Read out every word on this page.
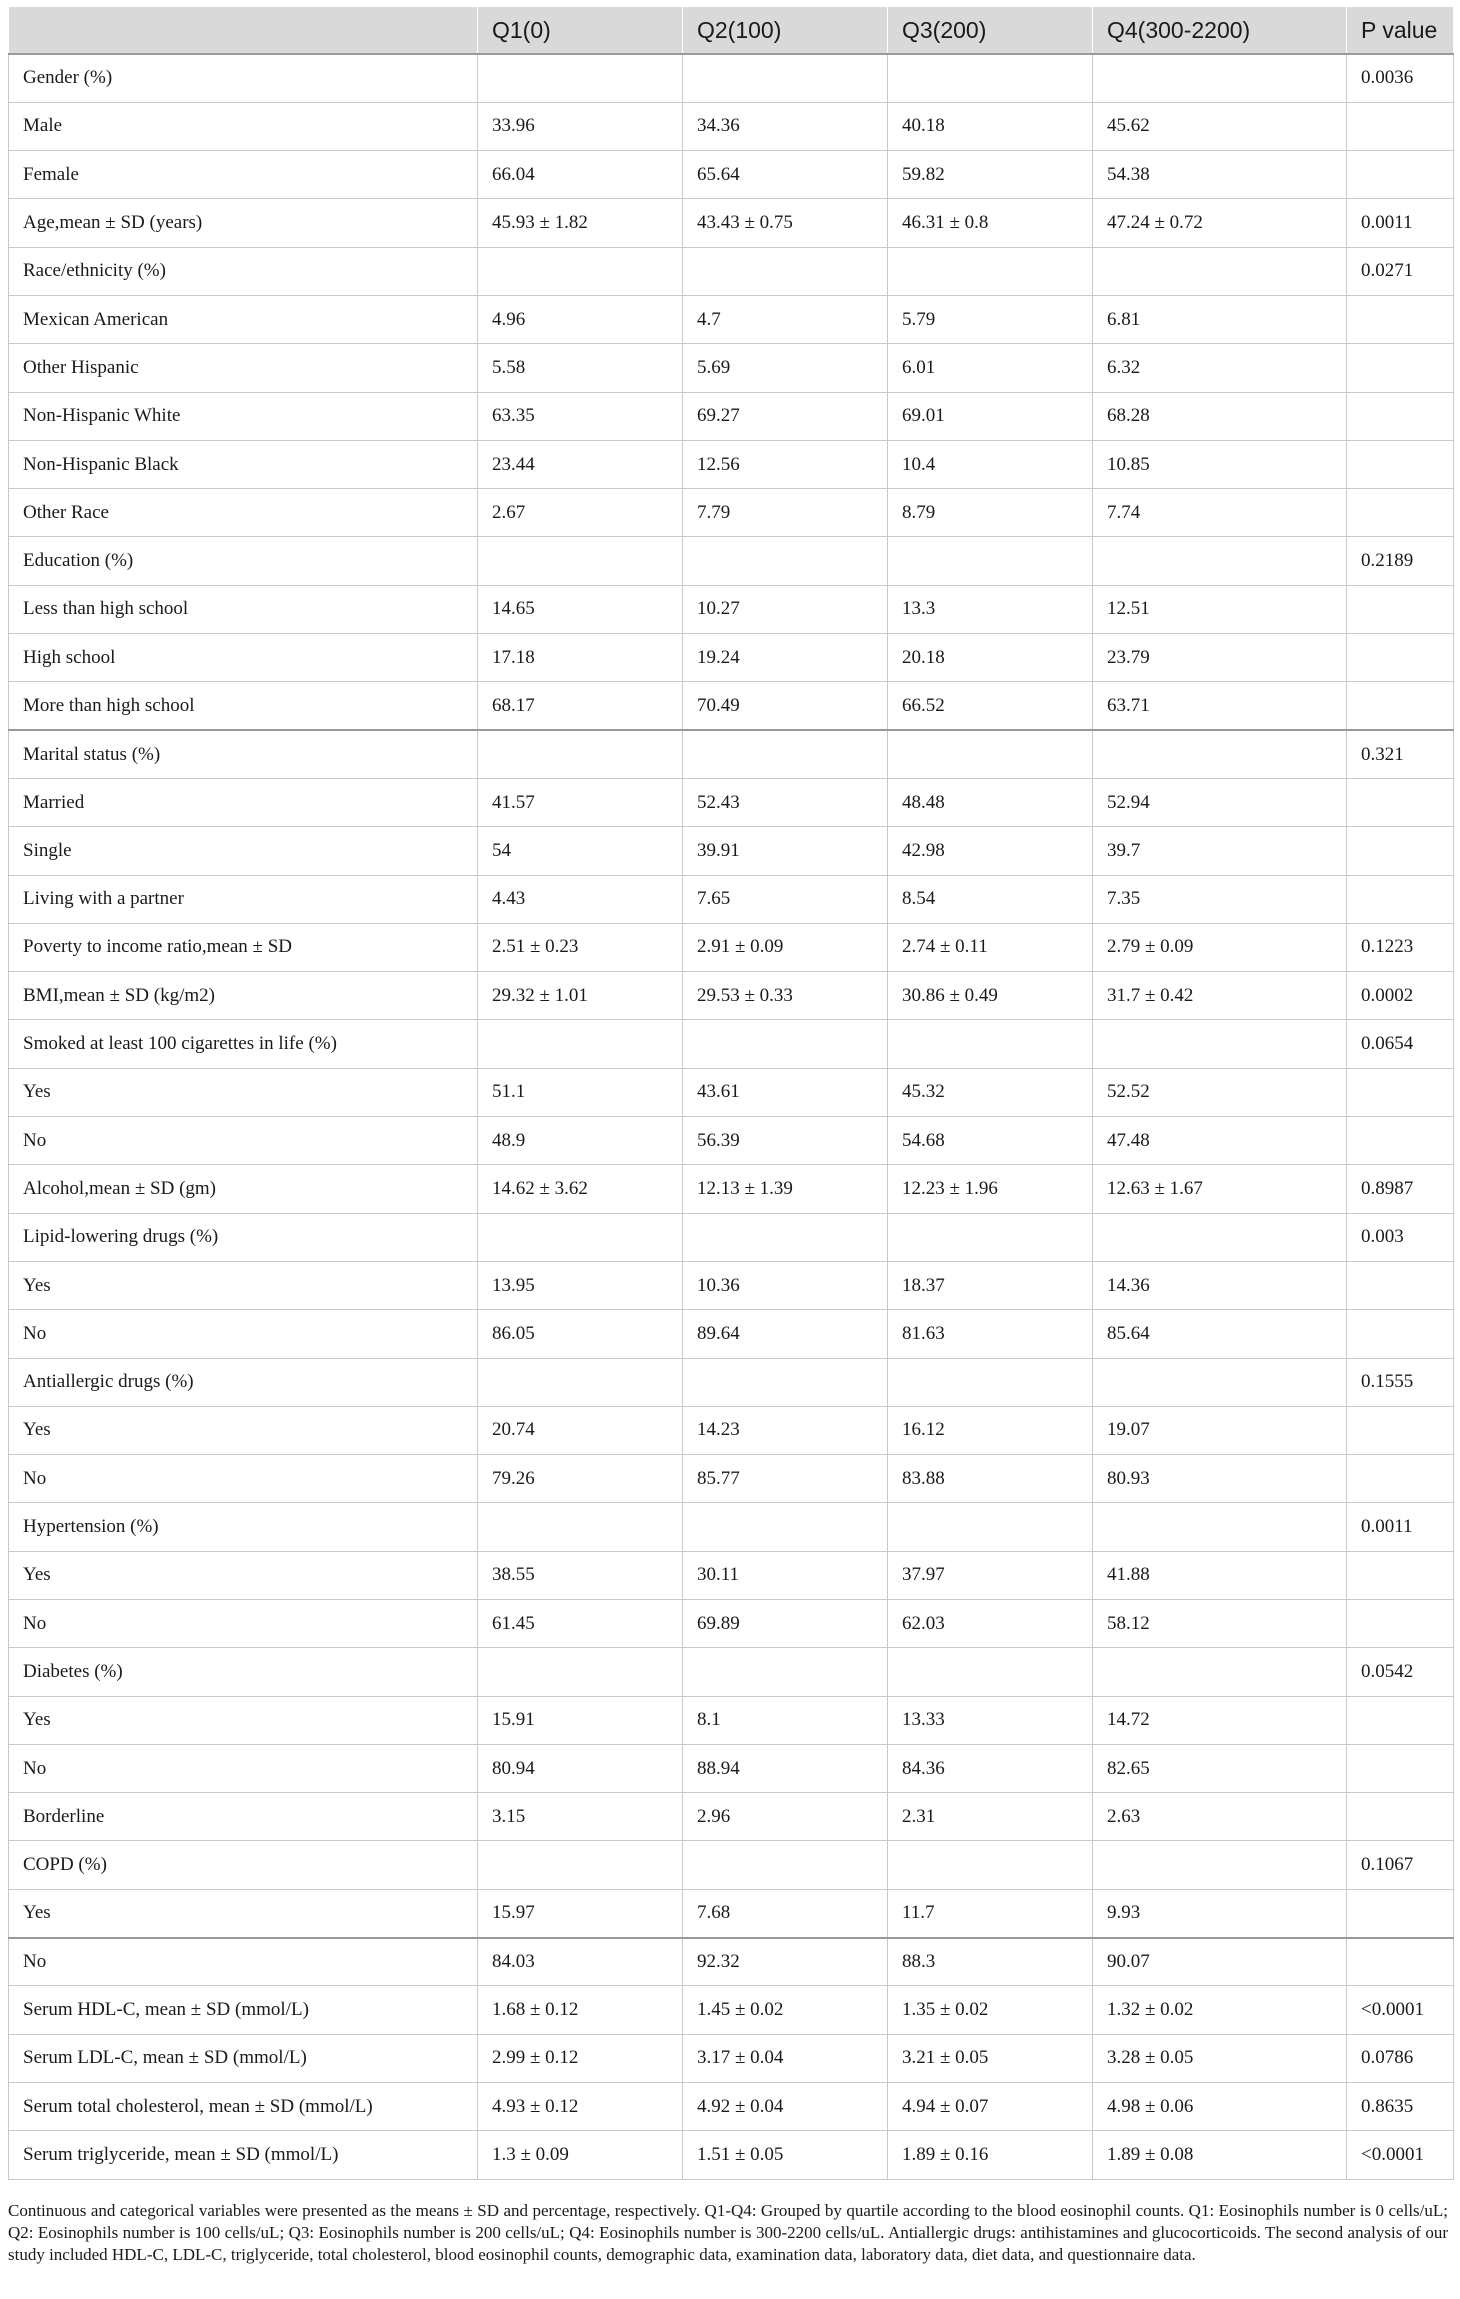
	Q1(0)	Q2(100)	Q3(200)	Q4(300-2200)	P value
Gender (%)					0.0036
Male	33.96	34.36	40.18	45.62	
Female	66.04	65.64	59.82	54.38	
Age,mean ± SD (years)	45.93 ± 1.82	43.43 ± 0.75	46.31 ± 0.8	47.24 ± 0.72	0.0011
Race/ethnicity (%)					0.0271
Mexican American	4.96	4.7	5.79	6.81	
Other Hispanic	5.58	5.69	6.01	6.32	
Non-Hispanic White	63.35	69.27	69.01	68.28	
Non-Hispanic Black	23.44	12.56	10.4	10.85	
Other Race	2.67	7.79	8.79	7.74	
Education (%)					0.2189
Less than high school	14.65	10.27	13.3	12.51	
High school	17.18	19.24	20.18	23.79	
More than high school	68.17	70.49	66.52	63.71	
Marital status (%)					0.321
Married	41.57	52.43	48.48	52.94	
Single	54	39.91	42.98	39.7	
Living with a partner	4.43	7.65	8.54	7.35	
Poverty to income ratio,mean ± SD	2.51 ± 0.23	2.91 ± 0.09	2.74 ± 0.11	2.79 ± 0.09	0.1223
BMI,mean ± SD (kg/m2)	29.32 ± 1.01	29.53 ± 0.33	30.86 ± 0.49	31.7 ± 0.42	0.0002
Smoked at least 100 cigarettes in life (%)					0.0654
Yes	51.1	43.61	45.32	52.52	
No	48.9	56.39	54.68	47.48	
Alcohol,mean ± SD (gm)	14.62 ± 3.62	12.13 ± 1.39	12.23 ± 1.96	12.63 ± 1.67	0.8987
Lipid-lowering drugs (%)					0.003
Yes	13.95	10.36	18.37	14.36	
No	86.05	89.64	81.63	85.64	
Antiallergic drugs (%)					0.1555
Yes	20.74	14.23	16.12	19.07	
No	79.26	85.77	83.88	80.93	
Hypertension (%)					0.0011
Yes	38.55	30.11	37.97	41.88	
No	61.45	69.89	62.03	58.12	
Diabetes (%)					0.0542
Yes	15.91	8.1	13.33	14.72	
No	80.94	88.94	84.36	82.65	
Borderline	3.15	2.96	2.31	2.63	
COPD (%)					0.1067
Yes	15.97	7.68	11.7	9.93	
No	84.03	92.32	88.3	90.07	
Serum HDL-C, mean ± SD (mmol/L)	1.68 ± 0.12	1.45 ± 0.02	1.35 ± 0.02	1.32 ± 0.02	<0.0001
Serum LDL-C, mean ± SD (mmol/L)	2.99 ± 0.12	3.17 ± 0.04	3.21 ± 0.05	3.28 ± 0.05	0.0786
Serum total cholesterol, mean ± SD (mmol/L)	4.93 ± 0.12	4.92 ± 0.04	4.94 ± 0.07	4.98 ± 0.06	0.8635
Serum triglyceride, mean ± SD (mmol/L)	1.3 ± 0.09	1.51 ± 0.05	1.89 ± 0.16	1.89 ± 0.08	<0.0001

Continuous and categorical variables were presented as the means ± SD and percentage, respectively. Q1-Q4: Grouped by quartile according to the blood eosinophil counts. Q1: Eosinophils number is 0 cells/uL; Q2: Eosinophils number is 100 cells/uL; Q3: Eosinophils number is 200 cells/uL; Q4: Eosinophils number is 300-2200 cells/uL. Antiallergic drugs: antihistamines and glucocorticoids. The second analysis of our study included HDL-C, LDL-C, triglyceride, total cholesterol, blood eosinophil counts, demographic data, examination data, laboratory data, diet data, and questionnaire data.
